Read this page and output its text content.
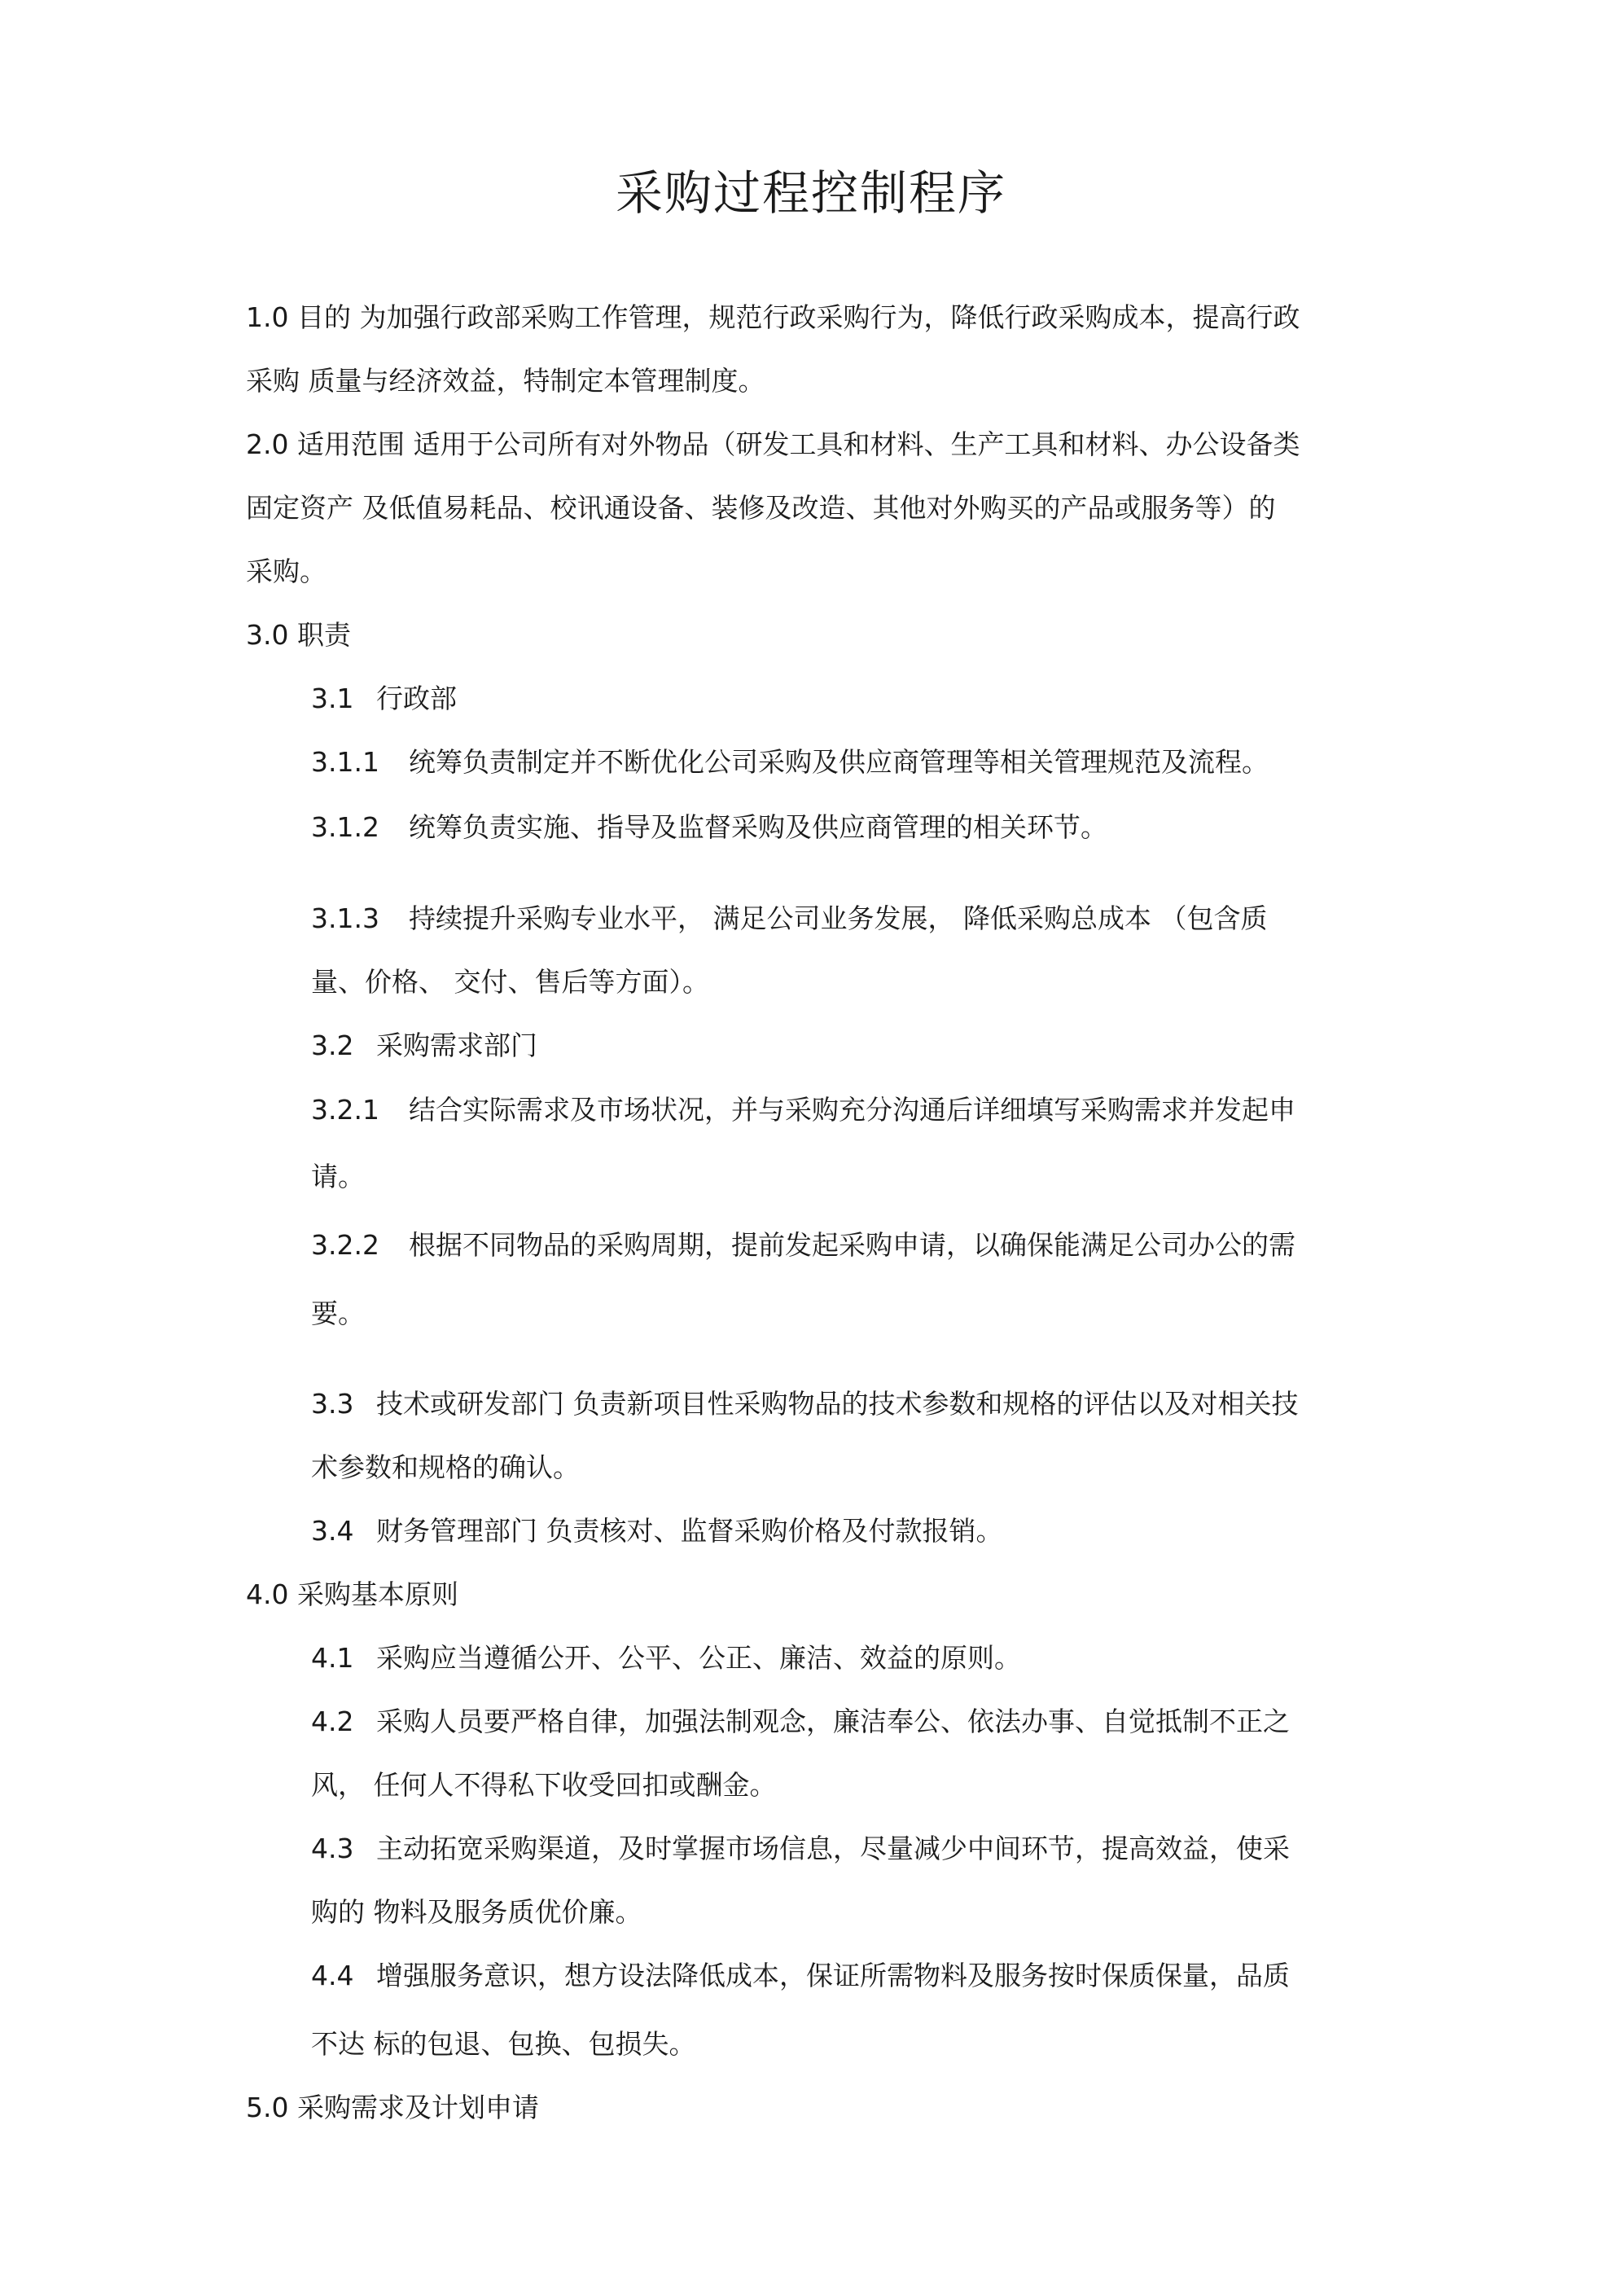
采购过程控制程序

1.0 目的 为加强行政部采购工作管理，规范行政采购行为，降低行政采购成本，提高行政

采购 质量与经济效益，特制定本管理制度。

2.0 适用范围 适用于公司所有对外物品（研发工具和材料、生产工具和材料、办公设备类

固定资产 及低值易耗品、校讯通设备、装修及改造、其他对外购买的产品或服务等）的

采购。

3.0 职责

3.1 行政部

3.1.1 统筹负责制定并不断优化公司采购及供应商管理等相关管理规范及流程。

3.1.2 统筹负责实施、指导及监督采购及供应商管理的相关环节。

3.1.3 持续提升采购专业水平， 满足公司业务发展， 降低采购总成本 （包含质

量、价格、 交付、售后等方面）。

3.2 采购需求部门

3.2.1 结合实际需求及市场状况，并与采购充分沟通后详细填写采购需求并发起申

请。

3.2.2 根据不同物品的采购周期，提前发起采购申请，以确保能满足公司办公的需

要。

3.3 技术或研发部门 负责新项目性采购物品的技术参数和规格的评估以及对相关技

术参数和规格的确认。

3.4 财务管理部门 负责核对、监督采购价格及付款报销。

4.0 采购基本原则

4.1 采购应当遵循公开、公平、公正、廉洁、效益的原则。

4.2 采购人员要严格自律，加强法制观念，廉洁奉公、依法办事、自觉抵制不正之

风， 任何人不得私下收受回扣或酬金。

4.3 主动拓宽采购渠道，及时掌握市场信息，尽量减少中间环节，提高效益，使采

购的 物料及服务质优价廉。

4.4 增强服务意识，想方设法降低成本，保证所需物料及服务按时保质保量，品质

不达 标的包退、包换、包损失。

5.0 采购需求及计划申请
